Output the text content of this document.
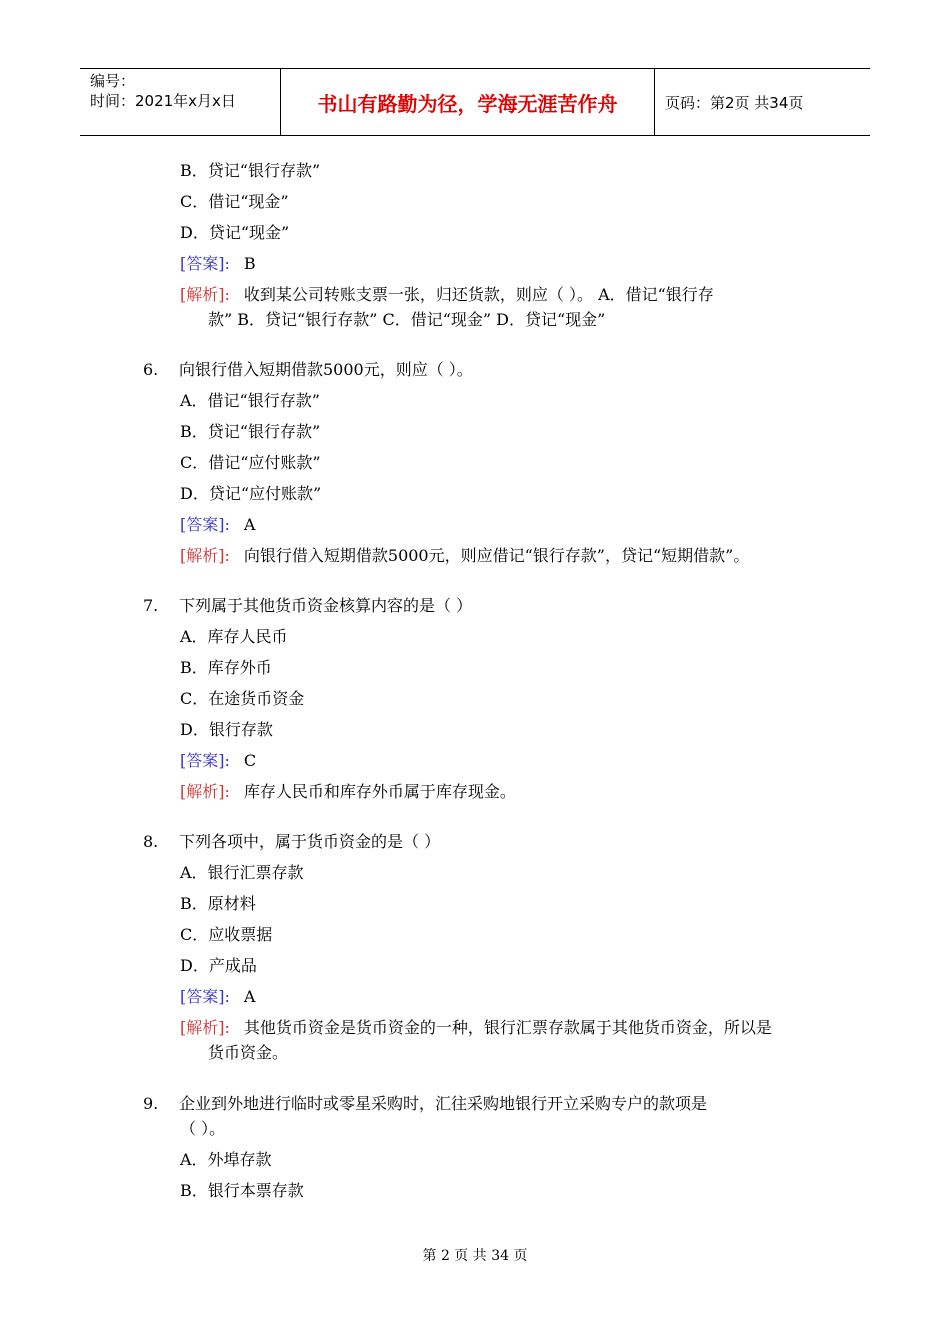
编号：
时间：2021年x月x日	书山有路勤为径，学海无涯苦作舟	页码：第2页 共34页
B．贷记“银行存款”
C．借记“现金”
D．贷记“现金”
[答案]: B
[解析]: 收到某公司转账支票一张，归还货款，则应（ ）。 A．借记“银行存
款” B．贷记“银行存款” C．借记“现金” D．贷记“现金”
6. 向银行借入短期借款5000元，则应（ ）。
A．借记“银行存款”
B．贷记“银行存款”
C．借记“应付账款”
D．贷记“应付账款”
[答案]: A
[解析]: 向银行借入短期借款5000元，则应借记“银行存款”，贷记“短期借款”。
7. 下列属于其他货币资金核算内容的是（ ）
A．库存人民币
B．库存外币
C．在途货币资金
D．银行存款
[答案]: C
[解析]: 库存人民币和库存外币属于库存现金。
8. 下列各项中，属于货币资金的是（ ）
A．银行汇票存款
B．原材料
C．应收票据
D．产成品
[答案]: A
[解析]: 其他货币资金是货币资金的一种，银行汇票存款属于其他货币资金，所以是
货币资金。
9. 企业到外地进行临时或零星采购时，汇往采购地银行开立采购专户的款项是
（ ）。
A．外埠存款
B．银行本票存款
第 2 页 共 34 页
